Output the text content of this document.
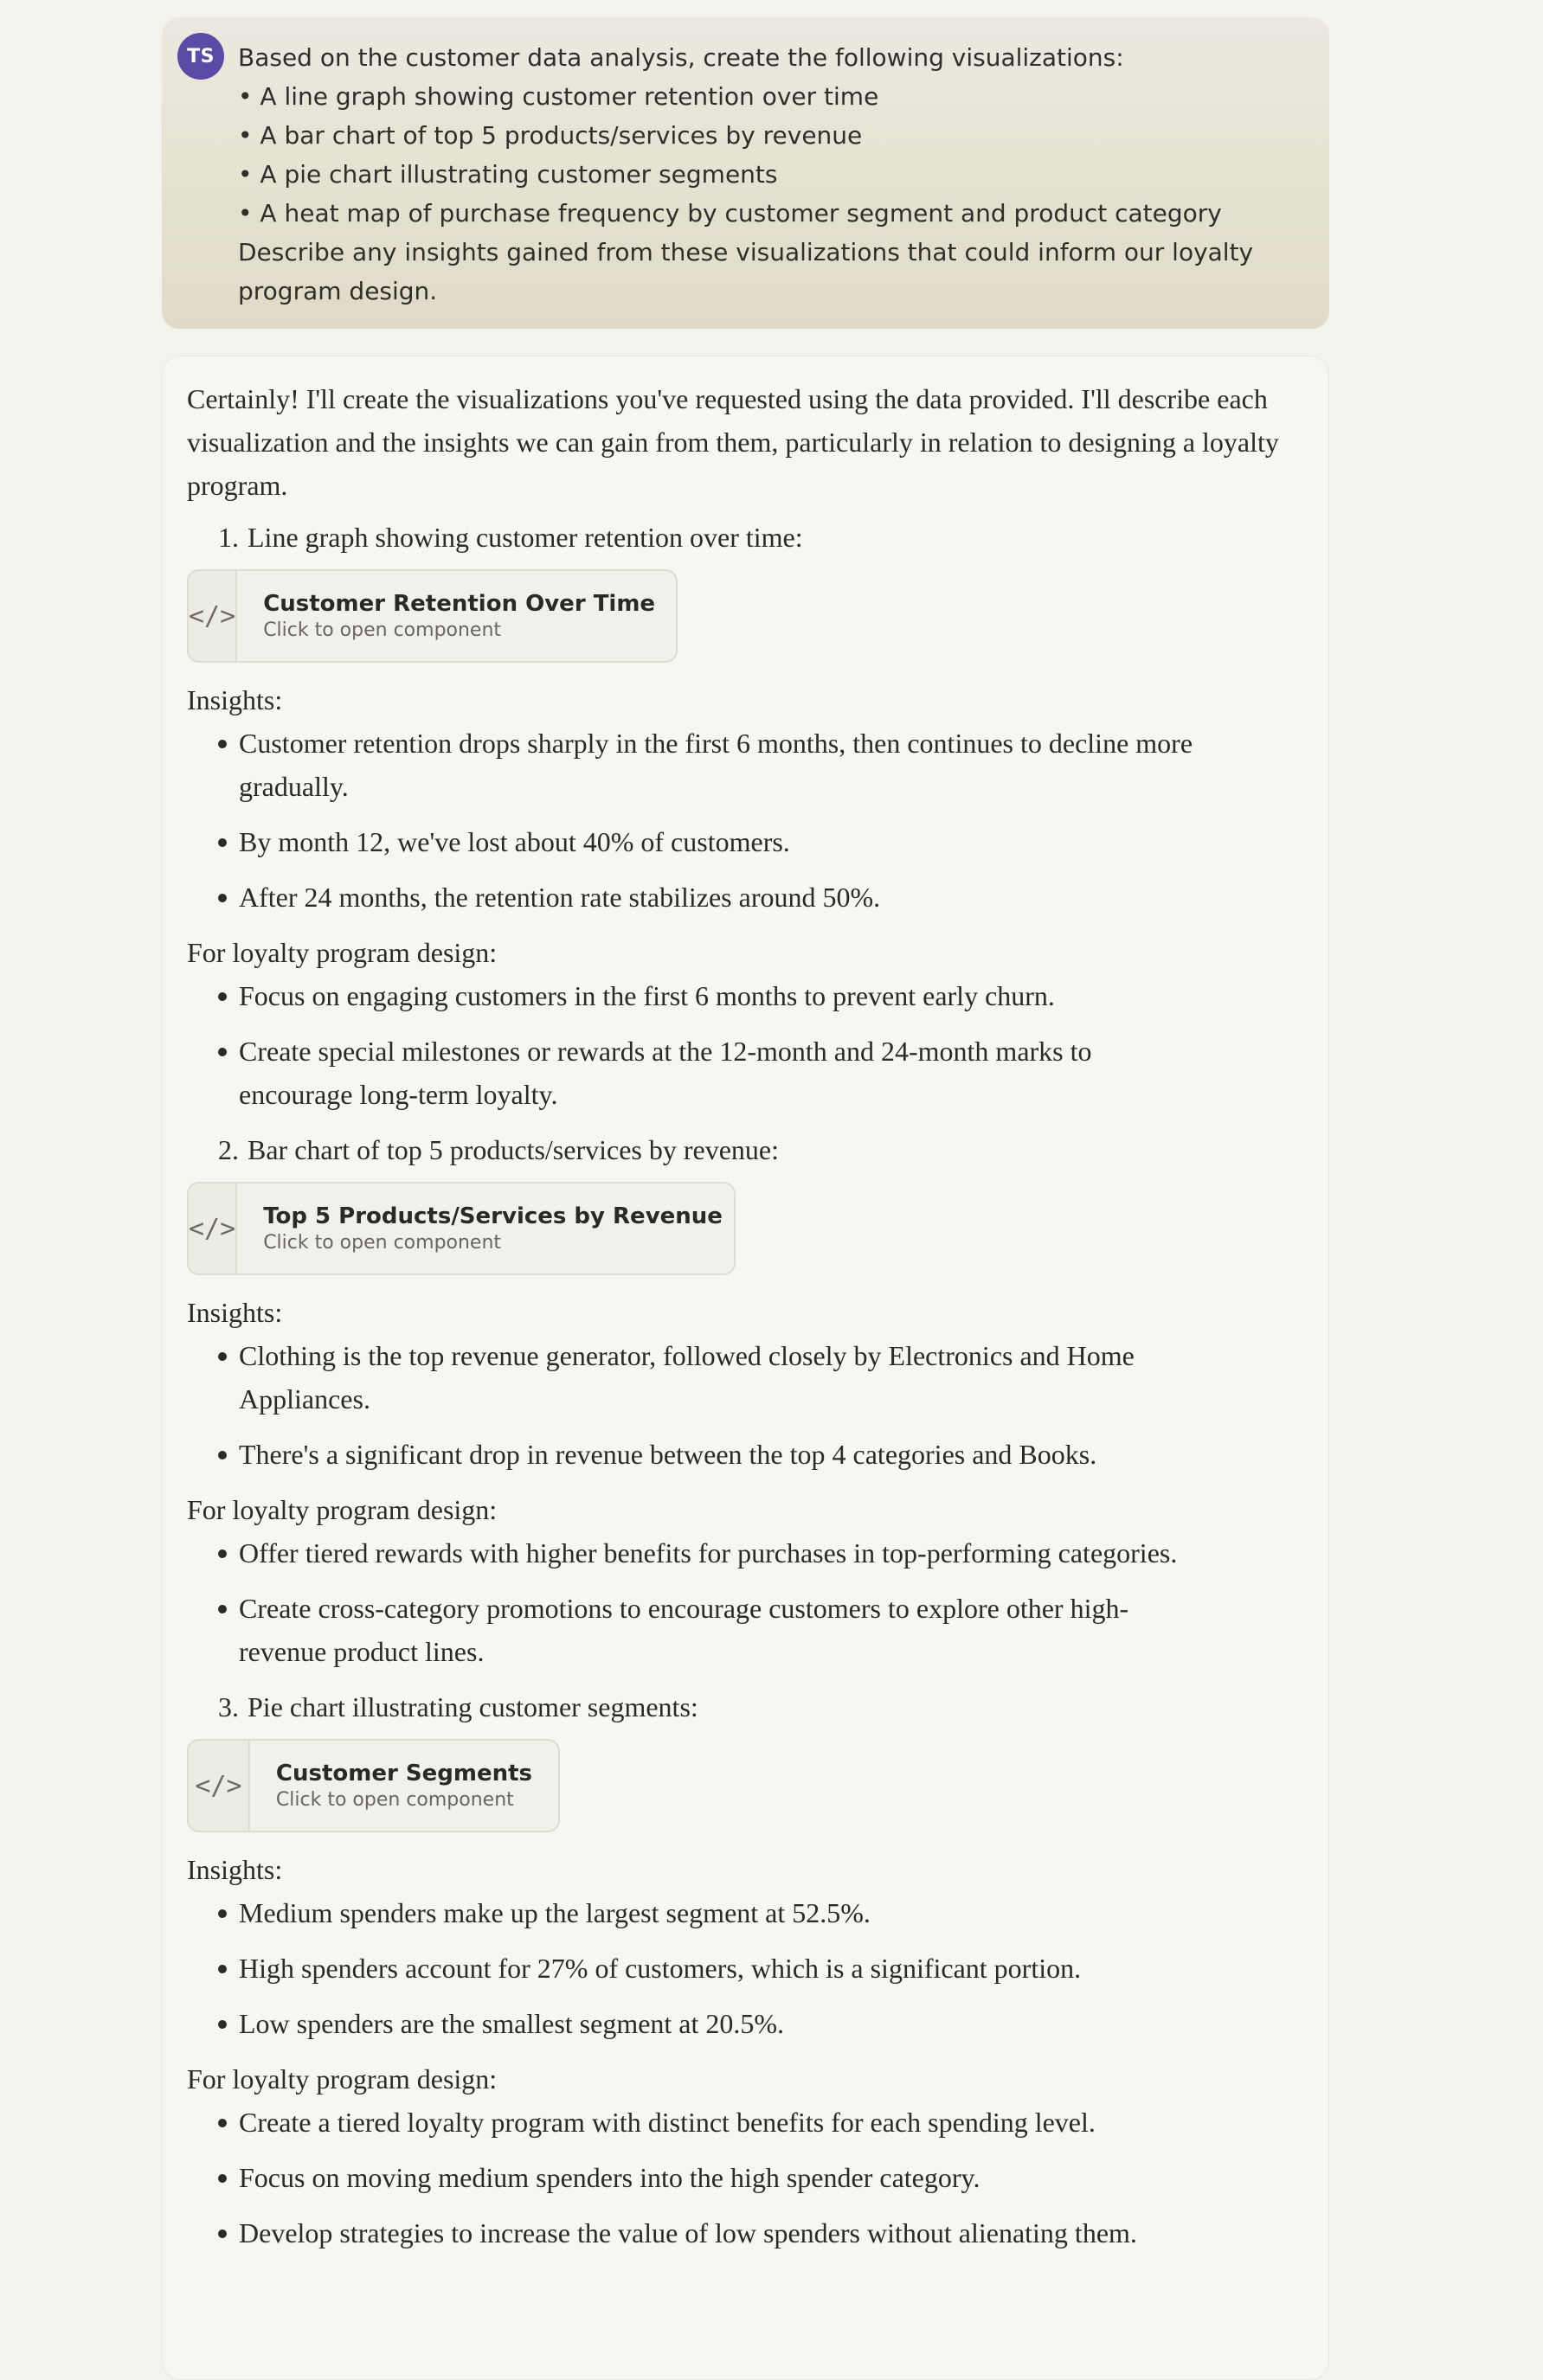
TS Based on the customer data analysis, create the following visualizations:
• A line graph showing customer retention over time
• A bar chart of top 5 products/services by revenue
• A pie chart illustrating customer segments
• A heat map of purchase frequency by customer segment and product category
Describe any insights gained from these visualizations that could inform our loyalty program design.

Certainly! I'll create the visualizations you've requested using the data provided. I'll describe each visualization and the insights we can gain from them, particularly in relation to designing a loyalty program.

1. Line graph showing customer retention over time:
</> Customer Retention Over Time
Click to open component

Insights:

Customer retention drops sharply in the first 6 months, then continues to decline more gradually.
By month 12, we've lost about 40% of customers.
After 24 months, the retention rate stabilizes around 50%.

For loyalty program design:

Focus on engaging customers in the first 6 months to prevent early churn.
Create special milestones or rewards at the 12-month and 24-month marks to encourage long-term loyalty.
2. Bar chart of top 5 products/services by revenue:
</> Top 5 Products/Services by Revenue
Click to open component

Insights:

Clothing is the top revenue generator, followed closely by Electronics and Home Appliances.
There's a significant drop in revenue between the top 4 categories and Books.

For loyalty program design:

Offer tiered rewards with higher benefits for purchases in top-performing categories.
Create cross-category promotions to encourage customers to explore other high-revenue product lines.
3. Pie chart illustrating customer segments:
</>	Customer Segments
Click to open component

Insights:

Medium spenders make up the largest segment at 52.5%.
High spenders account for 27% of customers, which is a significant portion.
Low spenders are the smallest segment at 20.5%.

For loyalty program design:

Create a tiered loyalty program with distinct benefits for each spending level.
Focus on moving medium spenders into the high spender category.
Develop strategies to increase the value of low spenders without alienating them.
